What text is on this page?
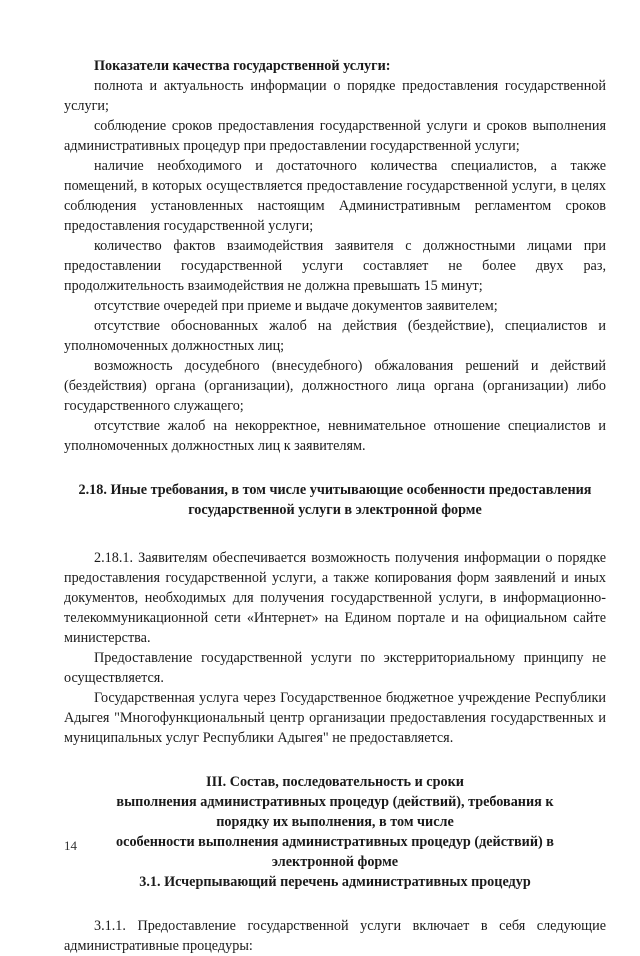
Показатели качества государственной услуги:

полнота и актуальность информации о порядке предоставления государственной услуги;

соблюдение сроков предоставления государственной услуги и сроков выполнения административных процедур при предоставлении государственной услуги;

наличие необходимого и достаточного количества специалистов, а также помещений, в которых осуществляется предоставление государственной услуги, в целях соблюдения установленных настоящим Административным регламентом сроков предоставления государственной услуги;

количество фактов взаимодействия заявителя с должностными лицами при предоставлении государственной услуги составляет не более двух раз, продолжительность взаимодействия не должна превышать 15 минут;

отсутствие очередей при приеме и выдаче документов заявителем;

отсутствие обоснованных жалоб на действия (бездействие), специалистов и уполномоченных должностных лиц;

возможность досудебного (внесудебного) обжалования решений и действий (бездействия) органа (организации), должностного лица органа (организации) либо государственного служащего;

отсутствие жалоб на некорректное, невнимательное отношение специалистов и уполномоченных должностных лиц к заявителям.

2.18. Иные требования, в том числе учитывающие особенности предоставления
государственной услуги в электронной форме

2.18.1. Заявителям обеспечивается возможность получения информации о порядке предоставления государственной услуги, а также копирования форм заявлений и иных документов, необходимых для получения государственной услуги, в информационно-телекоммуникационной сети «Интернет» на Едином портале и на официальном сайте министерства.

Предоставление государственной услуги по экстерриториальному принципу не осуществляется.

Государственная услуга через Государственное бюджетное учреждение Республики Адыгея "Многофункциональный центр организации предоставления государственных и муниципальных услуг Республики Адыгея" не предоставляется.

III. Состав, последовательность и сроки
выполнения административных процедур (действий), требования к
порядку их выполнения, в том числе
особенности выполнения административных процедур (действий) в
электронной форме
3.1. Исчерпывающий перечень административных процедур

3.1.1. Предоставление государственной услуги включает в себя следующие административные процедуры:

14
